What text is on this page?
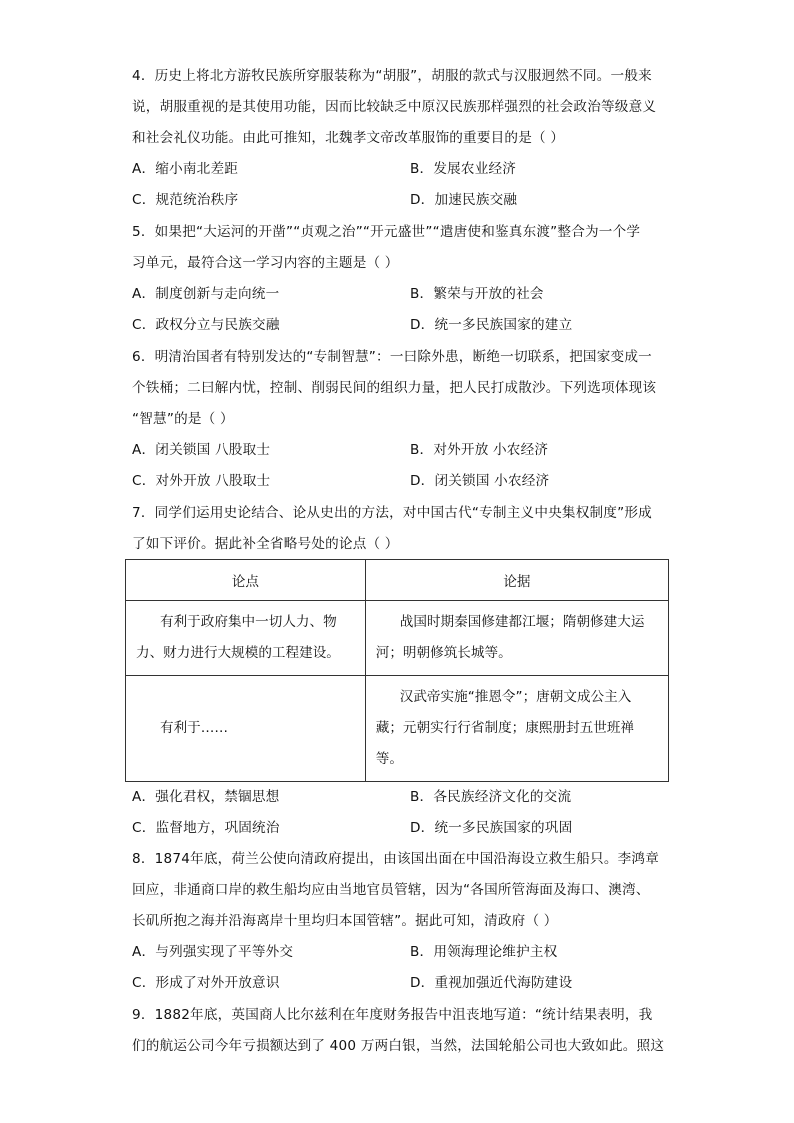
4．历史上将北方游牧民族所穿服装称为“胡服”，胡服的款式与汉服迥然不同。一般来
说，胡服重视的是其使用功能，因而比较缺乏中原汉民族那样强烈的社会政治等级意义
和社会礼仪功能。由此可推知，北魏孝文帝改革服饰的重要目的是（ ）
A．缩小南北差距	B．发展农业经济
C．规范统治秩序	D．加速民族交融
5．如果把“大运河的开凿”“贞观之治”“开元盛世”“遣唐使和鉴真东渡”整合为一个学
习单元，最符合这一学习内容的主题是（ ）
A．制度创新与走向统一	B．繁荣与开放的社会
C．政权分立与民族交融	D．统一多民族国家的建立
6．明清治国者有特别发达的“专制智慧”：一曰除外患，断绝一切联系，把国家变成一
个铁桶；二曰解内忧，控制、削弱民间的组织力量，把人民打成散沙。下列选项体现该
“智慧”的是（ ）
A．闭关锁国 八股取士	B．对外开放 小农经济
C．对外开放 八股取士	D．闭关锁国 小农经济
7．同学们运用史论结合、论从史出的方法，对中国古代“专制主义中央集权制度”形成
了如下评价。据此补全省略号处的论点（ ）
论点	论据
有利于政府集中一切人力、物力、财力进行大规模的工程建设。	战国时期秦国修建都江堰；隋朝修建大运河；明朝修筑长城等。
有利于……	汉武帝实施“推恩令”；唐朝文成公主入藏；元朝实行行省制度；康熙册封五世班禅等。
A．强化君权，禁锢思想	B．各民族经济文化的交流
C．监督地方，巩固统治	D．统一多民族国家的巩固
8．1874年底，荷兰公使向清政府提出，由该国出面在中国沿海设立救生船只。李鸿章
回应，非通商口岸的救生船均应由当地官员管辖，因为“各国所管海面及海口、澳湾、
长矶所抱之海并沿海离岸十里均归本国管辖”。据此可知，清政府（ ）
A．与列强实现了平等外交	B．用领海理论维护主权
C．形成了对外开放意识	D．重视加强近代海防建设
9．1882年底，英国商人比尔兹利在年度财务报告中沮丧地写道：“统计结果表明，我
们的航运公司今年亏损额达到了 400 万两白银，当然，法国轮船公司也大致如此。照这
